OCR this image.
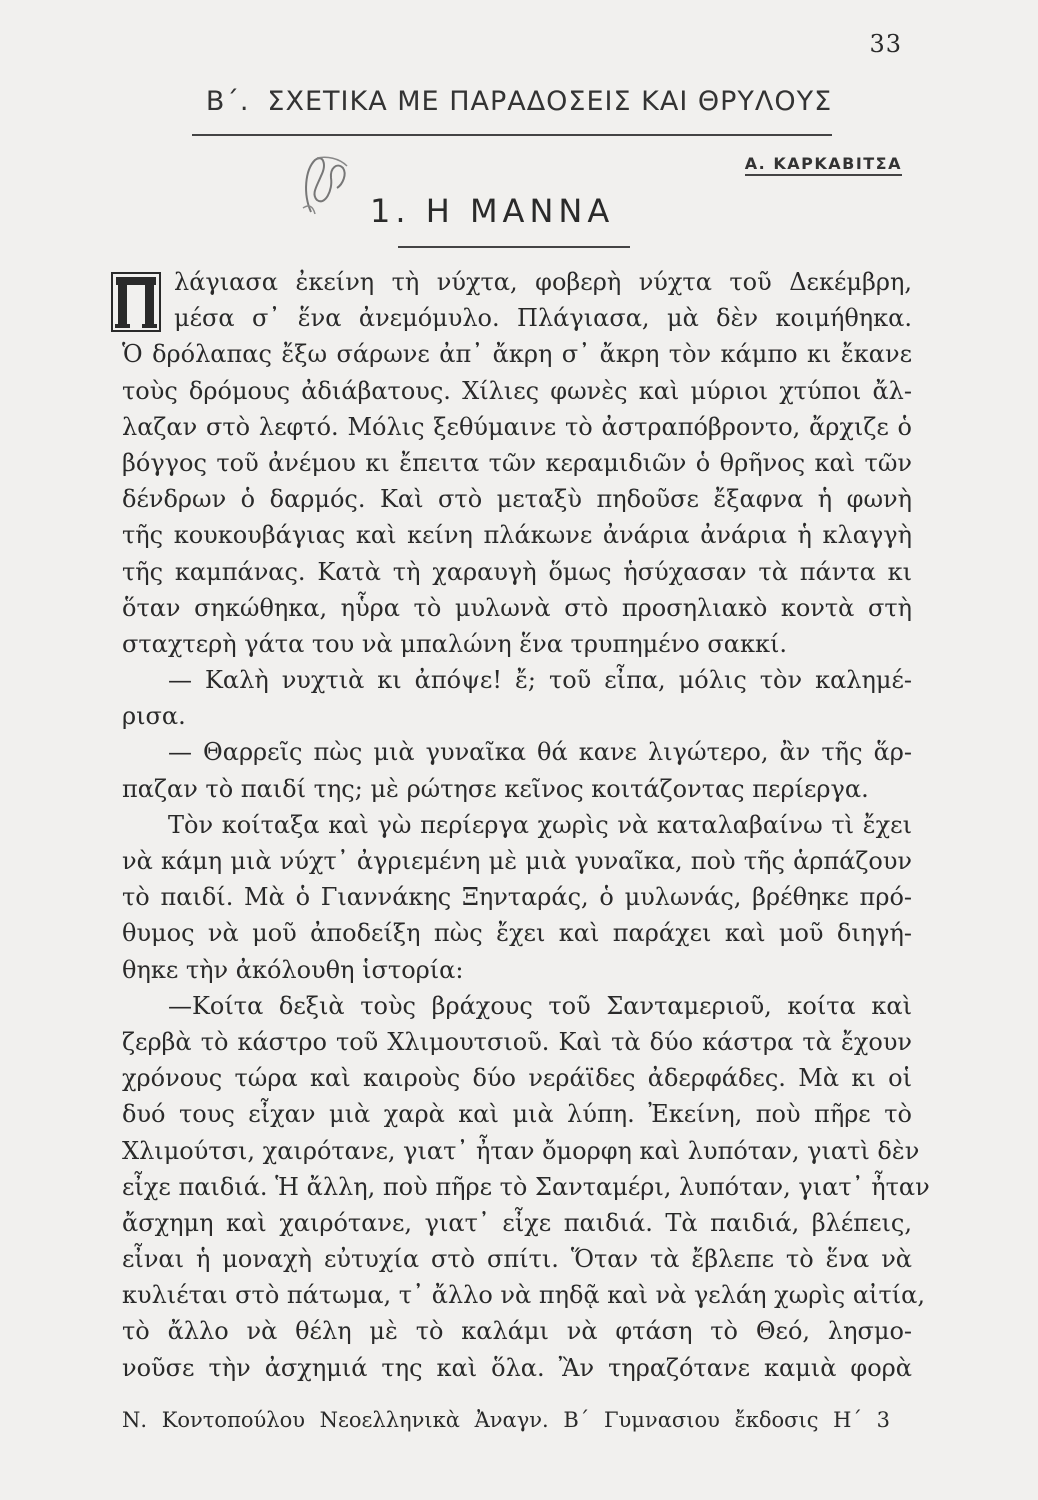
33
Β΄. ΣΧΕΤΙΚΑ ΜΕ ΠΑΡΑΔΟΣΕΙΣ ΚΑΙ ΘΡΥΛΟΥΣ
Α. ΚΑΡΚΑΒΙΤΣΑ
1. Η ΜΑΝΝΑ
Π
λάγιασα ἐκείνη τὴ νύχτα, φοβερὴ νύχτα τοῦ Δεκέμβρη,
μέσα σ᾽ ἕνα ἀνεμόμυλο. Πλάγιασα, μὰ δὲν κοιμήθηκα.
Ὁ δρόλαπας ἔξω σάρωνε ἀπ᾽ ἄκρη σ᾽ ἄκρη τὸν κάμπο κι ἔκανε
τοὺς δρόμους ἀδιάβατους. Χίλιες φωνὲς καὶ μύριοι χτύποι ἄλ-
λαζαν στὸ λεφτό. Μόλις ξεθύμαινε τὸ ἀστραπόβροντο, ἄρχιζε ὁ
βόγγος τοῦ ἀνέμου κι ἔπειτα τῶν κεραμιδιῶν ὁ θρῆνος καὶ τῶν
δένδρων ὁ δαρμός. Καὶ στὸ μεταξὺ πηδοῦσε ἔξαφνα ἡ φωνὴ
τῆς κουκουβάγιας καὶ κείνη πλάκωνε ἀνάρια ἀνάρια ἡ κλαγγὴ
τῆς καμπάνας. Κατὰ τὴ χαραυγὴ ὅμως ἡσύχασαν τὰ πάντα κι
ὅταν σηκώθηκα, ηὗρα τὸ μυλωνὰ στὸ προσηλιακὸ κοντὰ στὴ
σταχτερὴ γάτα του νὰ μπαλώνη ἕνα τρυπημένο σακκί.
— Καλὴ νυχτιὰ κι ἀπόψε! ἔ; τοῦ εἶπα, μόλις τὸν καλημέ-
ρισα.
— Θαρρεῖς πὼς μιὰ γυναῖκα θά κανε λιγώτερο, ἂν τῆς ἅρ-
παζαν τὸ παιδί της; μὲ ρώτησε κεῖνος κοιτάζοντας περίεργα.
Τὸν κοίταξα καὶ γὼ περίεργα χωρὶς νὰ καταλαβαίνω τὶ ἔχει
νὰ κάμη μιὰ νύχτ᾽ ἀγριεμένη μὲ μιὰ γυναῖκα, ποὺ τῆς ἁρπάζουν
τὸ παιδί. Μὰ ὁ Γιαννάκης Ξηνταράς, ὁ μυλωνάς, βρέθηκε πρό-
θυμος νὰ μοῦ ἀποδείξη πὼς ἔχει καὶ παράχει καὶ μοῦ διηγή-
θηκε τὴν ἀκόλουθη ἱστορία:
—Κοίτα δεξιὰ τοὺς βράχους τοῦ Σανταμεριοῦ, κοίτα καὶ
ζερβὰ τὸ κάστρο τοῦ Χλιμουτσιοῦ. Καὶ τὰ δύο κάστρα τὰ ἔχουν
χρόνους τώρα καὶ καιροὺς δύο νεράϊδες ἀδερφάδες. Μὰ κι οἱ
δυό τους εἶχαν μιὰ χαρὰ καὶ μιὰ λύπη. Ἐκείνη, ποὺ πῆρε τὸ
Χλιμούτσι, χαιρότανε, γιατ᾽ ἦταν ὄμορφη καὶ λυπόταν, γιατὶ δὲν
εἶχε παιδιά. Ἡ ἄλλη, ποὺ πῆρε τὸ Σανταμέρι, λυπόταν, γιατ᾽ ἦταν
ἄσχημη καὶ χαιρότανε, γιατ᾽ εἶχε παιδιά. Τὰ παιδιά, βλέπεις,
εἶναι ἡ μοναχὴ εὐτυχία στὸ σπίτι. Ὅταν τὰ ἔβλεπε τὸ ἕνα νὰ
κυλιέται στὸ πάτωμα, τ᾽ ἄλλο νὰ πηδᾷ καὶ νὰ γελάη χωρὶς αἰτία,
τὸ ἄλλο νὰ θέλη μὲ τὸ καλάμι νὰ φτάση τὸ Θεό, λησμο-
νοῦσε τὴν ἀσχημιά της καὶ ὅλα. Ἂν τηραζότανε καμιὰ φορὰ
Ν. Κοντοπούλου Νεοελληνικὰ Ἀναγν. Β΄ Γυμνασιου ἔκδοσις Η΄ 3
